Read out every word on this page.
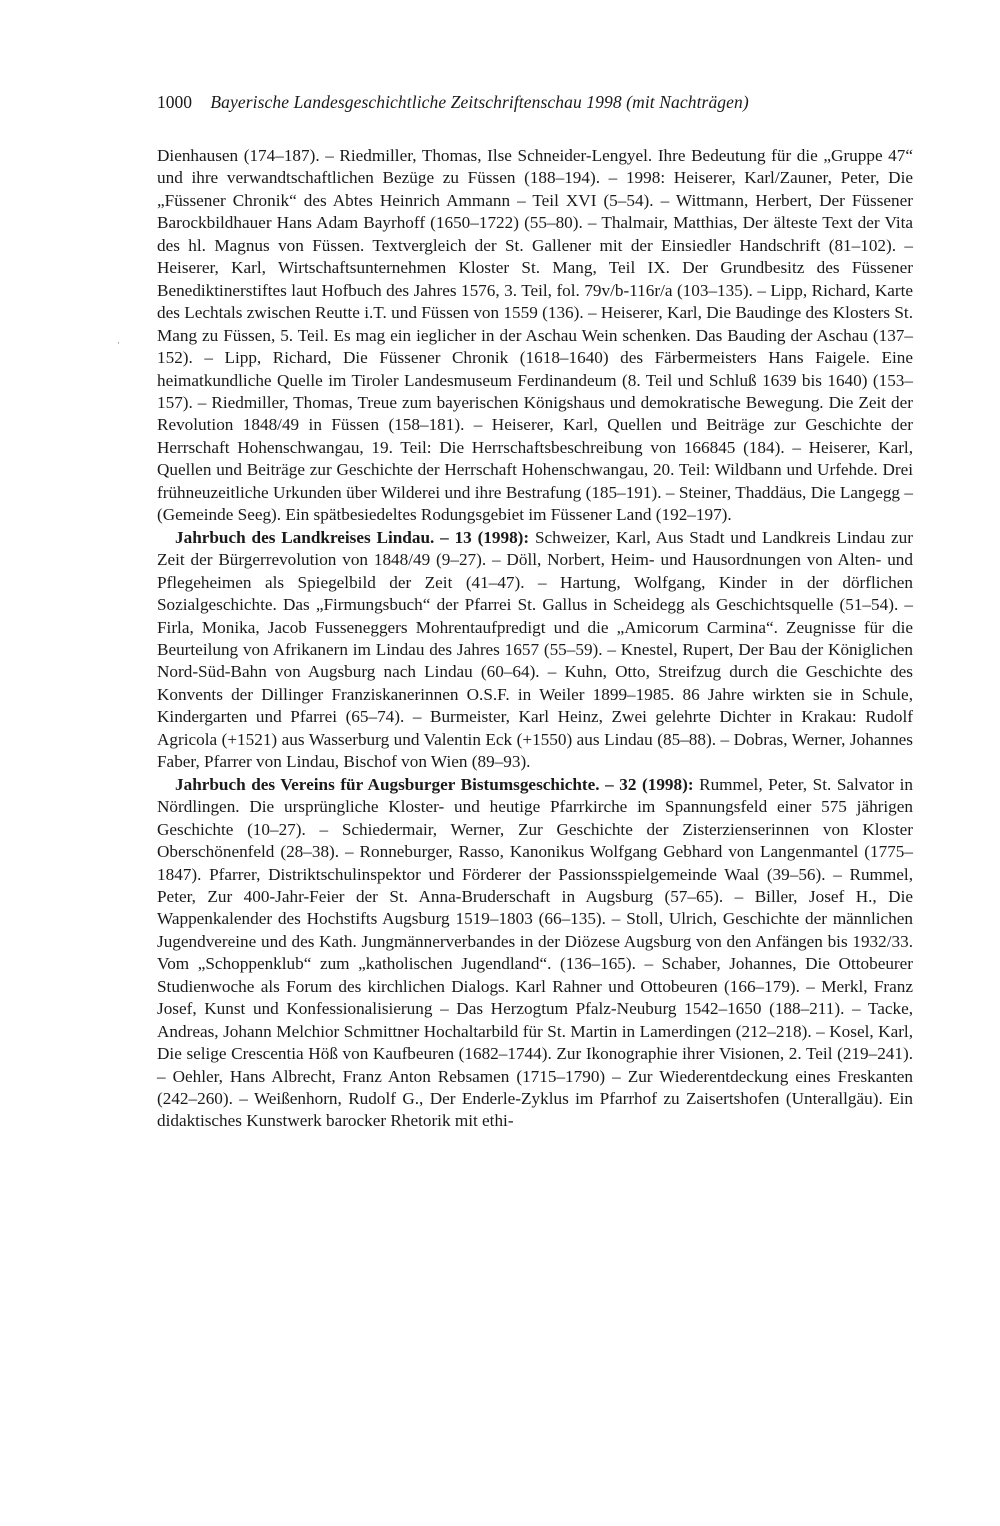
1000 Bayerische Landesgeschichtliche Zeitschriftenschau 1998 (mit Nachträgen)
·

Dienhausen (174–187). – Riedmiller, Thomas, Ilse Schneider-Lengyel. Ihre Bedeutung für die „Gruppe 47“ und ihre verwandtschaftlichen Bezüge zu Füssen (188–194). – 1998: Heiserer, Karl/Zauner, Peter, Die „Füssener Chronik“ des Abtes Heinrich Ammann – Teil XVI (5–54). – Wittmann, Herbert, Der Füssener Barockbildhauer Hans Adam Bayrhoff (1650–1722) (55–80). – Thalmair, Matthias, Der älteste Text der Vita des hl. Magnus von Füssen. Textvergleich der St. Gallener mit der Einsiedler Handschrift (81–102). – Heiserer, Karl, Wirtschaftsunternehmen Kloster St. Mang, Teil IX. Der Grundbesitz des Füssener Benediktinerstiftes laut Hofbuch des Jahres 1576, 3. Teil, fol. 79v/b-116r/a (103–135). – Lipp, Richard, Karte des Lechtals zwischen Reutte i.T. und Füssen von 1559 (136). – Heiserer, Karl, Die Baudinge des Klosters St. Mang zu Füssen, 5. Teil. Es mag ein ieglicher in der Aschau Wein schenken. Das Bauding der Aschau (137–152). – Lipp, Richard, Die Füssener Chronik (1618–1640) des Färbermeisters Hans Faigele. Eine heimatkundliche Quelle im Tiroler Landesmuseum Ferdinandeum (8. Teil und Schluß 1639 bis 1640) (153–157). – Riedmiller, Thomas, Treue zum bayerischen Königshaus und demokratische Bewegung. Die Zeit der Revolution 1848/49 in Füssen (158–181). – Heiserer, Karl, Quellen und Beiträge zur Geschichte der Herrschaft Hohenschwangau, 19. Teil: Die Herrschaftsbeschreibung von 166845 (184). – Heiserer, Karl, Quellen und Beiträge zur Geschichte der Herrschaft Hohenschwangau, 20. Teil: Wildbann und Urfehde. Drei frühneuzeitliche Urkunden über Wilderei und ihre Bestrafung (185–191). – Steiner, Thaddäus, Die Langegg – (Gemeinde Seeg). Ein spätbesiedeltes Rodungsgebiet im Füssener Land (192–197).

Jahrbuch des Landkreises Lindau. – 13 (1998): Schweizer, Karl, Aus Stadt und Landkreis Lindau zur Zeit der Bürgerrevolution von 1848/49 (9–27). – Döll, Norbert, Heim- und Hausordnungen von Alten- und Pflegeheimen als Spiegelbild der Zeit (41–47). – Hartung, Wolfgang, Kinder in der dörflichen Sozialgeschichte. Das „Firmungsbuch“ der Pfarrei St. Gallus in Scheidegg als Geschichtsquelle (51–54). – Firla, Monika, Jacob Fusseneggers Mohrentaufpredigt und die „Amicorum Carmina“. Zeugnisse für die Beurteilung von Afrikanern im Lindau des Jahres 1657 (55–59). – Knestel, Rupert, Der Bau der Königlichen Nord-Süd-Bahn von Augsburg nach Lindau (60–64). – Kuhn, Otto, Streifzug durch die Geschichte des Konvents der Dillinger Franziskanerinnen O.S.F. in Weiler 1899–1985. 86 Jahre wirkten sie in Schule, Kindergarten und Pfarrei (65–74). – Burmeister, Karl Heinz, Zwei gelehrte Dichter in Krakau: Rudolf Agricola (+1521) aus Wasserburg und Valentin Eck (+1550) aus Lindau (85–88). – Dobras, Werner, Johannes Faber, Pfarrer von Lindau, Bischof von Wien (89–93).

Jahrbuch des Vereins für Augsburger Bistumsgeschichte. – 32 (1998): Rummel, Peter, St. Salvator in Nördlingen. Die ursprüngliche Kloster- und heutige Pfarrkirche im Spannungsfeld einer 575 jährigen Geschichte (10–27). – Schiedermair, Werner, Zur Geschichte der Zisterzienserinnen von Kloster Oberschönenfeld (28–38). – Ronneburger, Rasso, Kanonikus Wolfgang Gebhard von Langenmantel (1775–1847). Pfarrer, Distriktschulinspektor und Förderer der Passionsspielgemeinde Waal (39–56). – Rummel, Peter, Zur 400-Jahr-Feier der St. Anna-Bruderschaft in Augsburg (57–65). – Biller, Josef H., Die Wappenkalender des Hochstifts Augsburg 1519–1803 (66–135). – Stoll, Ulrich, Geschichte der männlichen Jugendvereine und des Kath. Jungmännerverbandes in der Diözese Augsburg von den Anfängen bis 1932/33. Vom „Schoppenklub“ zum „katholischen Jugendland“. (136–165). – Schaber, Johannes, Die Ottobeurer Studienwoche als Forum des kirchlichen Dialogs. Karl Rahner und Ottobeuren (166–179). – Merkl, Franz Josef, Kunst und Konfessionalisierung – Das Herzogtum Pfalz-Neuburg 1542–1650 (188–211). – Tacke, Andreas, Johann Melchior Schmittner Hochaltarbild für St. Martin in Lamerdingen (212–218). – Kosel, Karl, Die selige Crescentia Höß von Kaufbeuren (1682–1744). Zur Ikonographie ihrer Visionen, 2. Teil (219–241). – Oehler, Hans Albrecht, Franz Anton Rebsamen (1715–1790) – Zur Wiederentdeckung eines Freskanten (242–260). – Weißenhorn, Rudolf G., Der Enderle-Zyklus im Pfarrhof zu Zaisertshofen (Unterallgäu). Ein didaktisches Kunstwerk barocker Rhetorik mit ethi-
